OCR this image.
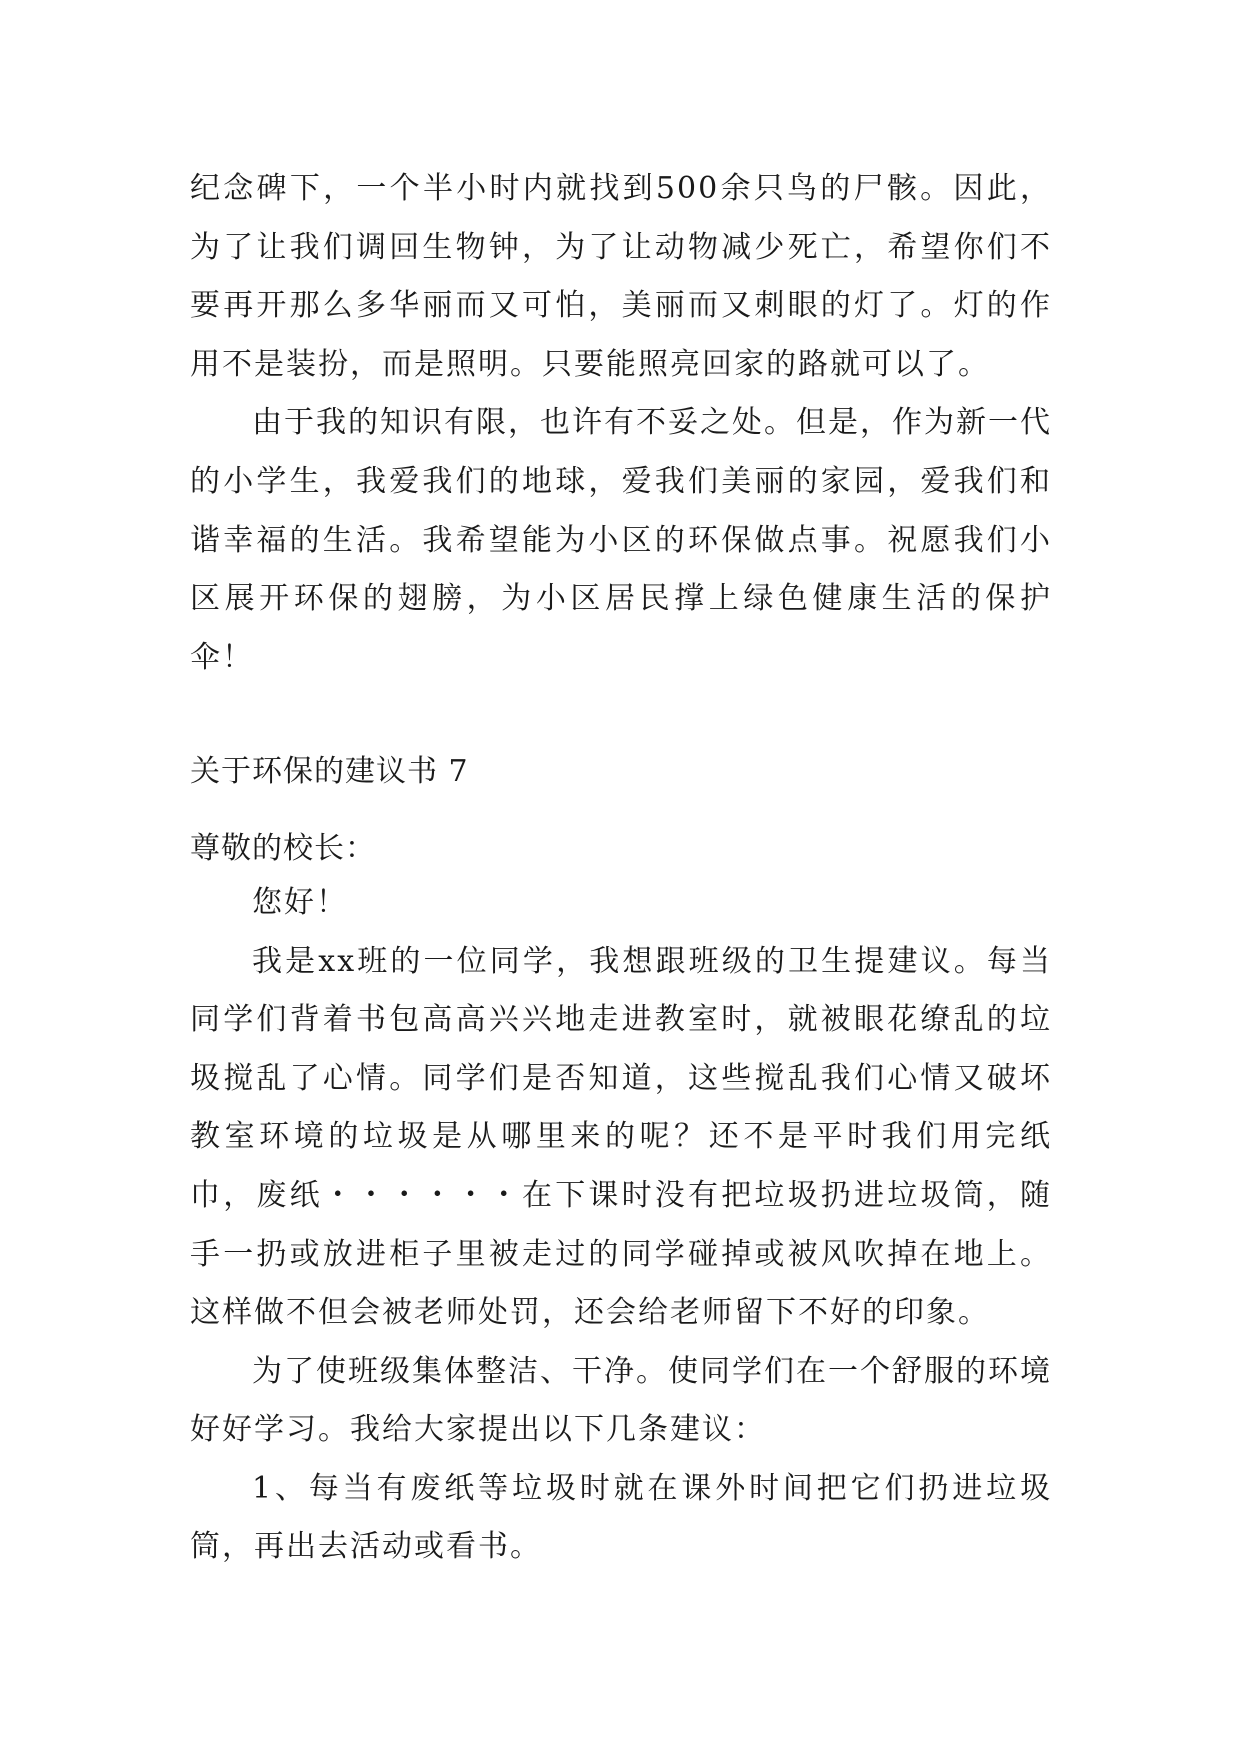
纪念碑下，一个半小时内就找到500余只鸟的尸骸。因此，为了让我们调回生物钟，为了让动物减少死亡，希望你们不要再开那么多华丽而又可怕，美丽而又刺眼的灯了。灯的作用不是装扮，而是照明。只要能照亮回家的路就可以了。

由于我的知识有限，也许有不妥之处。但是，作为新一代的小学生，我爱我们的地球，爱我们美丽的家园，爱我们和谐幸福的生活。我希望能为小区的环保做点事。祝愿我们小区展开环保的翅膀，为小区居民撑上绿色健康生活的保护伞！

关于环保的建议书 7

尊敬的校长：

您好！

我是xx班的一位同学，我想跟班级的卫生提建议。每当同学们背着书包高高兴兴地走进教室时，就被眼花缭乱的垃圾搅乱了心情。同学们是否知道，这些搅乱我们心情又破坏教室环境的垃圾是从哪里来的呢？还不是平时我们用完纸巾，废纸・・・・・・在下课时没有把垃圾扔进垃圾筒，随手一扔或放进柜子里被走过的同学碰掉或被风吹掉在地上。这样做不但会被老师处罚，还会给老师留下不好的印象。

为了使班级集体整洁、干净。使同学们在一个舒服的环境好好学习。我给大家提出以下几条建议：

1、每当有废纸等垃圾时就在课外时间把它们扔进垃圾筒，再出去活动或看书。
